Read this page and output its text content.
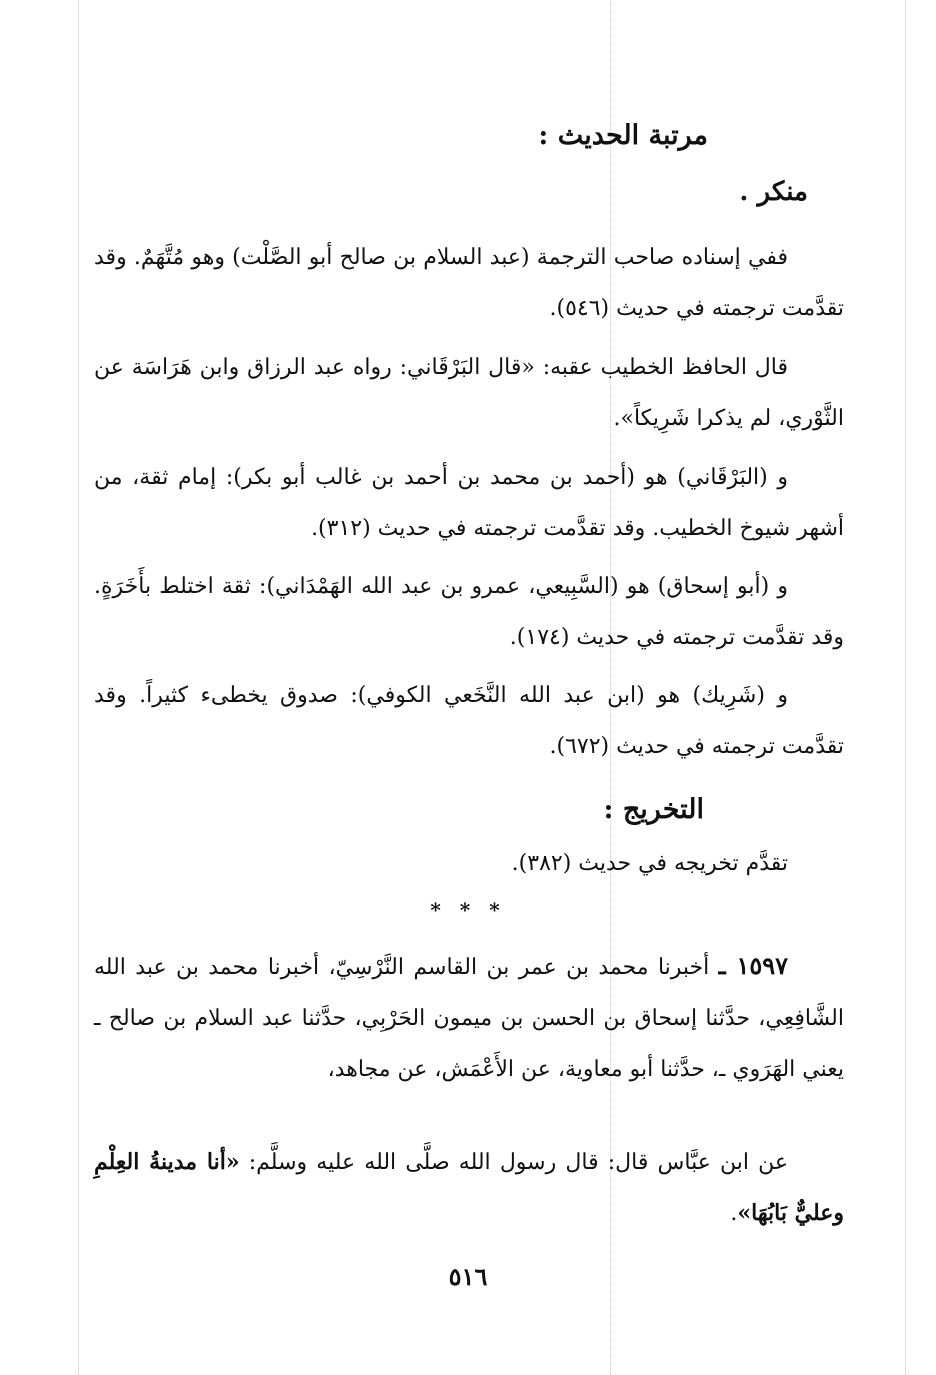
مرتبة الحديث :
منكر .
ففي إسناده صاحب الترجمة (عبد السلام بن صالح أبو الصَّلْت) وهو مُتَّهَمٌ. وقد تقدَّمت ترجمته في حديث (٥٤٦).
قال الحافظ الخطيب عقبه: «قال البَرْقَاني: رواه عبد الرزاق وابن هَرَاسَة عن الثَّوْري، لم يذكرا شَرِيكاً».
و (البَرْقَاني) هو (أحمد بن محمد بن أحمد بن غالب أبو بكر): إمام ثقة، من أشهر شيوخ الخطيب. وقد تقدَّمت ترجمته في حديث (٣١٢).
و (أبو إسحاق) هو (السَّبِيعي، عمرو بن عبد الله الهَمْدَاني): ثقة اختلط بأَخَرَةٍ. وقد تقدَّمت ترجمته في حديث (١٧٤).
و (شَرِيك) هو (ابن عبد الله النَّخَعي الكوفي): صدوق يخطىء كثيراً. وقد تقدَّمت ترجمته في حديث (٦٧٢).
التخريج :
تقدَّم تخريجه في حديث (٣٨٢).
* * *
١٥٩٧ ـ أخبرنا محمد بن عمر بن القاسم النَّرْسِيّ، أخبرنا محمد بن عبد الله الشَّافِعِي، حدَّثنا إسحاق بن الحسن بن ميمون الحَرْبِي، حدَّثنا عبد السلام بن صالح ـ يعني الهَرَوي ـ، حدَّثنا أبو معاوية، عن الأَعْمَش، عن مجاهد،
عن ابن عبَّاس قال: قال رسول الله صلَّى الله عليه وسلَّم: «أنا مدينةُ العِلْمِ وعليٌّ بَابُهَا».
٥١٦
